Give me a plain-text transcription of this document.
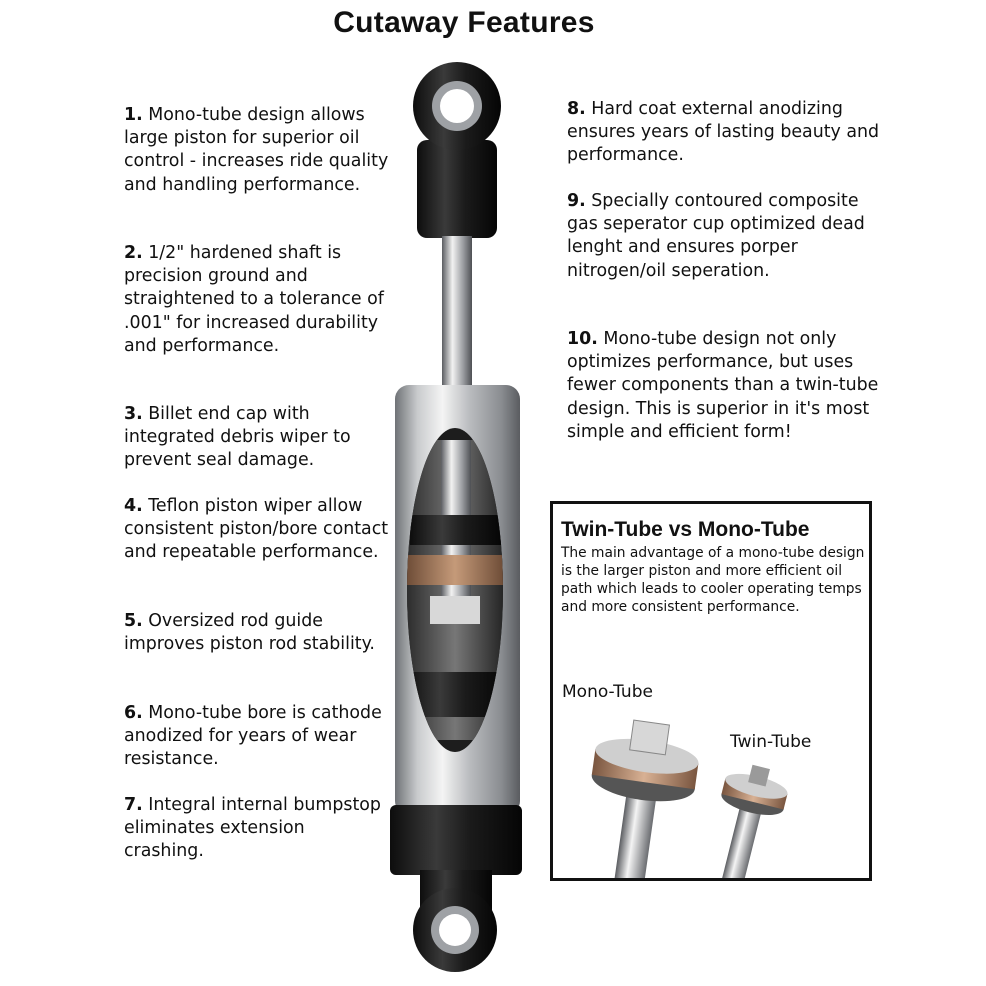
Cutaway Features

1. Mono-tube design allows large piston for superior oil control - increases ride quality and handling performance.

2. 1/2" hardened shaft is precision ground and straightened to a tolerance of .001" for increased durability and performance.

3. Billet end cap with integrated debris wiper to prevent seal damage.

4. Teflon piston wiper allow consistent piston/bore contact and repeatable performance.

5. Oversized rod guide improves piston rod stability.

6. Mono-tube bore is cathode anodized for years of wear resistance.

7. Integral internal bumpstop eliminates extension crashing.

8. Hard coat external anodizing ensures years of lasting beauty and performance.

9. Specially contoured composite gas seperator cup optimized dead lenght and ensures porper nitrogen/oil seperation.

10. Mono-tube design not only optimizes performance, but uses fewer components than a twin-tube design. This is superior in it's most simple and efficient form!

Twin-Tube vs Mono-Tube
The main advantage of a mono-tube design is the larger piston and more efficient oil path which leads to cooler operating temps and more consistent performance.
Mono-Tube
Twin-Tube
